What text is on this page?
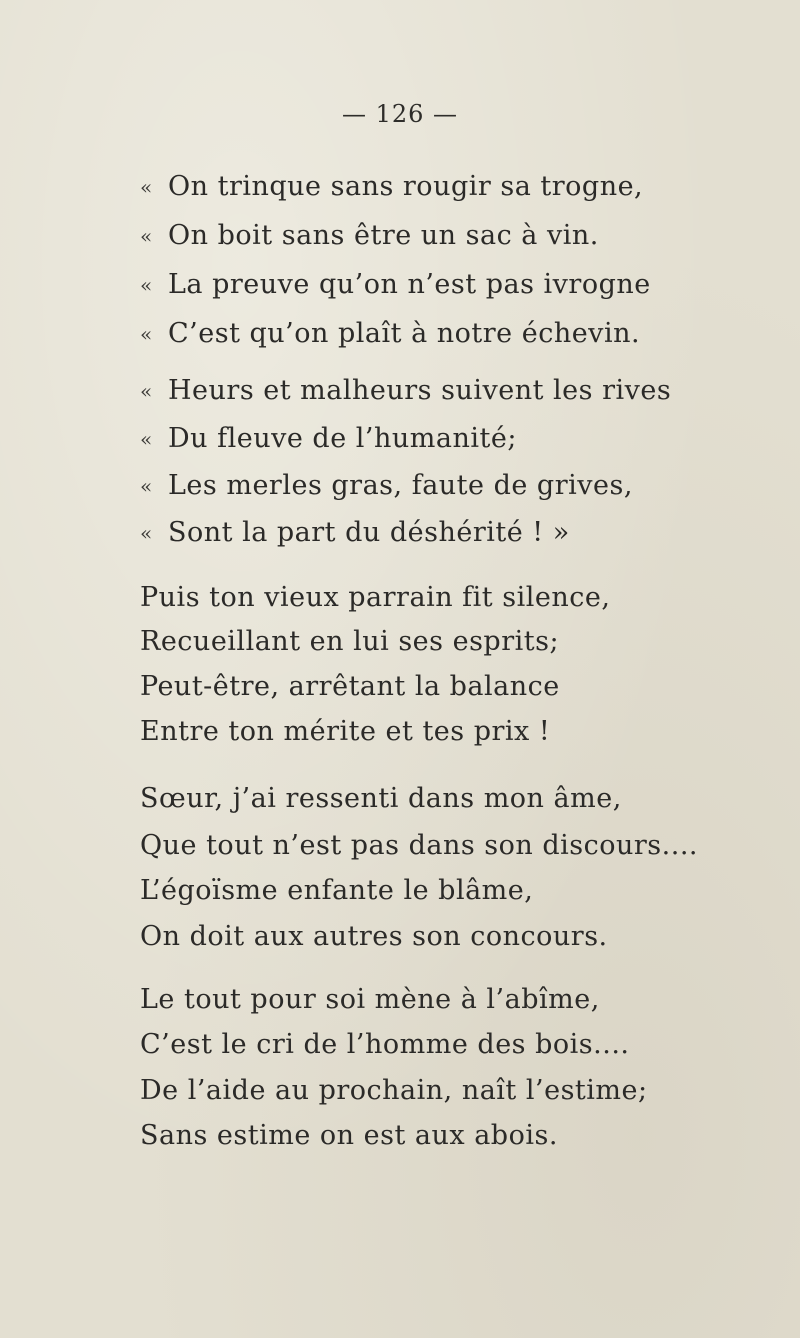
— 126 —
« On trinque sans rougir sa trogne,
« On boit sans être un sac à vin.
« La preuve qu’on n’est pas ivrogne
« C’est qu’on plaît à notre échevin.
« Heurs et malheurs suivent les rives
« Du fleuve de l’humanité;
« Les merles gras, faute de grives,
« Sont la part du déshérité ! »
Puis ton vieux parrain fit silence,
Recueillant en lui ses esprits;
Peut-être, arrêtant la balance
Entre ton mérite et tes prix !
Sœur, j’ai ressenti dans mon âme,
Que tout n’est pas dans son discours....
L’égoïsme enfante le blâme,
On doit aux autres son concours.
Le tout pour soi mène à l’abîme,
C’est le cri de l’homme des bois....
De l’aide au prochain, naît l’estime;
Sans estime on est aux abois.
